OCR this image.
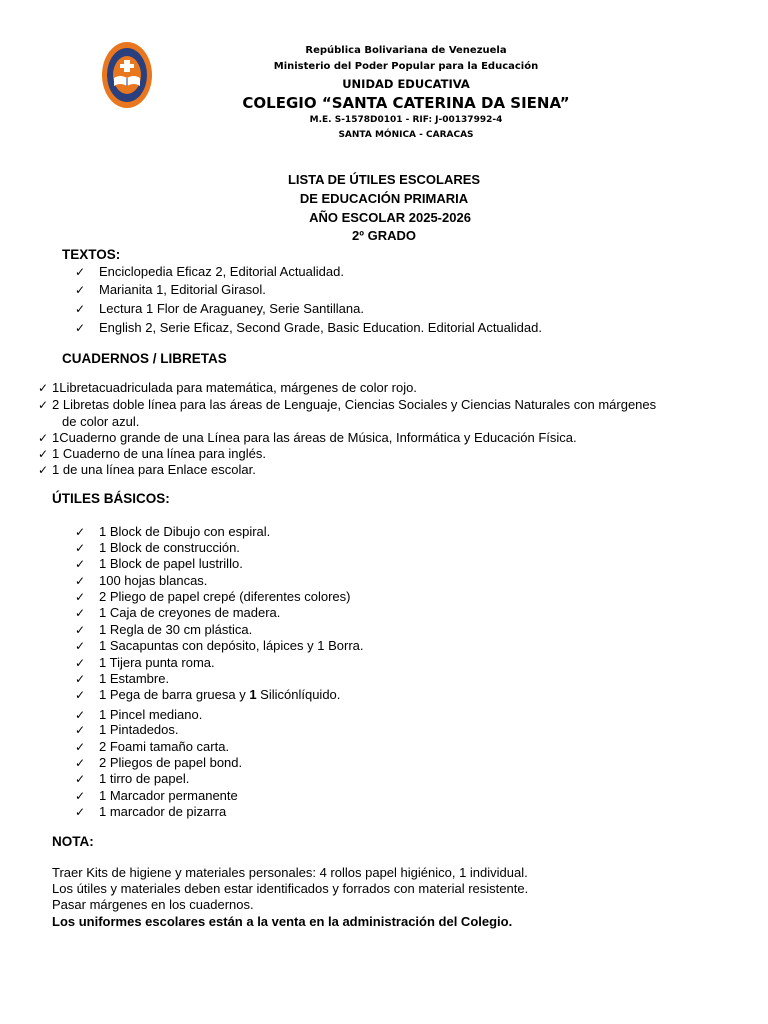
República Bolivariana de Venezuela
Ministerio del Poder Popular para la Educación
UNIDAD EDUCATIVA
COLEGIO “SANTA CATERINA DA SIENA”
M.E. S-1578D0101 - RIF: J-00137992-4
SANTA MÓNICA - CARACAS
LISTA DE ÚTILES ESCOLARES
DE EDUCACIÓN PRIMARIA
AÑO ESCOLAR 2025-2026
2º GRADO
TEXTOS:
✓ Enciclopedia Eficaz 2, Editorial Actualidad.
✓ Marianita 1, Editorial Girasol.
✓ Lectura 1 Flor de Araguaney, Serie Santillana.
✓ English 2, Serie Eficaz, Second Grade, Basic Education. Editorial Actualidad.
CUADERNOS / LIBRETAS
✓ 1Libretacuadriculada para matemática, márgenes de color rojo.
✓ 2 Libretas doble línea para las áreas de Lenguaje, Ciencias Sociales y Ciencias Naturales con márgenes
de color azul.
✓ 1Cuaderno grande de una Línea para las áreas de Música, Informática y Educación Física.
✓ 1 Cuaderno de una línea para inglés.
✓ 1 de una línea para Enlace escolar.
ÚTILES BÁSICOS:
✓ 1 Block de Dibujo con espiral.
✓ 1 Block de construcción.
✓ 1 Block de papel lustrillo.
✓ 100 hojas blancas.
✓ 2 Pliego de papel crepé (diferentes colores)
✓ 1 Caja de creyones de madera.
✓ 1 Regla de 30 cm plástica.
✓ 1 Sacapuntas con depósito, lápices y 1 Borra.
✓ 1 Tijera punta roma.
✓ 1 Estambre.
✓ 1 Pega de barra gruesa y 1 Silicónlíquido.
✓ 1 Pincel mediano.
✓ 1 Pintadedos.
✓ 2 Foami tamaño carta.
✓ 2 Pliegos de papel bond.
✓ 1 tirro de papel.
✓ 1 Marcador permanente
✓ 1 marcador de pizarra
NOTA:
Traer Kits de higiene y materiales personales: 4 rollos papel higiénico, 1 individual.
Los útiles y materiales deben estar identificados y forrados con material resistente.
Pasar márgenes en los cuadernos.
Los uniformes escolares están a la venta en la administración del Colegio.
